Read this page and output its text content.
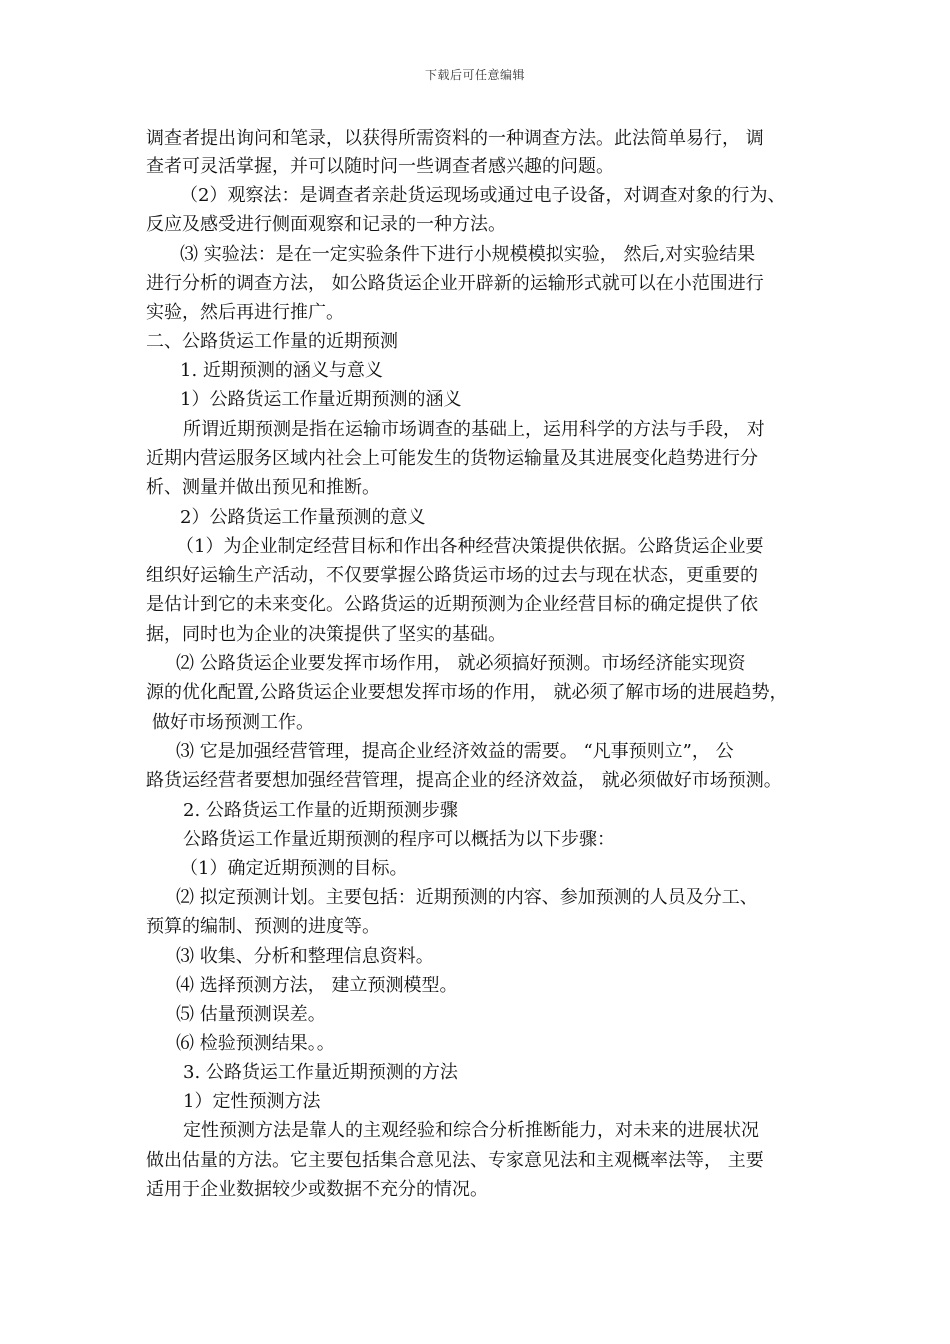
下载后可任意编辑
调查者提出询问和笔录，以获得所需资料的一种调查方法。此法简单易行， 调
查者可灵活掌握，并可以随时问一些调查者感兴趣的问题。
（2）观察法：是调查者亲赴货运现场或通过电子设备，对调查对象的行为、
反应及感受进行侧面观察和记录的一种方法。
⑶ 实验法：是在一定实验条件下进行小规模模拟实验， 然后,对实验结果
进行分析的调查方法， 如公路货运企业开辟新的运输形式就可以在小范围进行
实验，然后再进行推广。
二、公路货运工作量的近期预测
1. 近期预测的涵义与意义
1）公路货运工作量近期预测的涵义
所谓近期预测是指在运输市场调查的基础上，运用科学的方法与手段， 对
近期内营运服务区域内社会上可能发生的货物运输量及其进展变化趋势进行分
析、测量并做出预见和推断。
2）公路货运工作量预测的意义
（1）为企业制定经营目标和作出各种经营决策提供依据。公路货运企业要
组织好运输生产活动，不仅要掌握公路货运市场的过去与现在状态，更重要的
是估计到它的未来变化。公路货运的近期预测为企业经营目标的确定提供了依
据，同时也为企业的决策提供了坚实的基础。
⑵ 公路货运企业要发挥市场作用， 就必须搞好预测。市场经济能实现资
源的优化配置,公路货运企业要想发挥市场的作用， 就必须了解市场的进展趋势，
做好市场预测工作。
⑶ 它是加强经营管理，提高企业经济效益的需要。 “凡事预则立”， 公
路货运经营者要想加强经营管理，提高企业的经济效益， 就必须做好市场预测。
2. 公路货运工作量的近期预测步骤
公路货运工作量近期预测的程序可以概括为以下步骤：
（1）确定近期预测的目标。
⑵ 拟定预测计划。主要包括：近期预测的内容、参加预测的人员及分工、
预算的编制、预测的进度等。
⑶ 收集、分析和整理信息资料。
⑷ 选择预测方法， 建立预测模型。
⑸ 估量预测误差。
⑹ 检验预测结果。。
3. 公路货运工作量近期预测的方法
1）定性预测方法
定性预测方法是靠人的主观经验和综合分析推断能力，对未来的进展状况
做出估量的方法。它主要包括集合意见法、专家意见法和主观概率法等， 主要
适用于企业数据较少或数据不充分的情况。
